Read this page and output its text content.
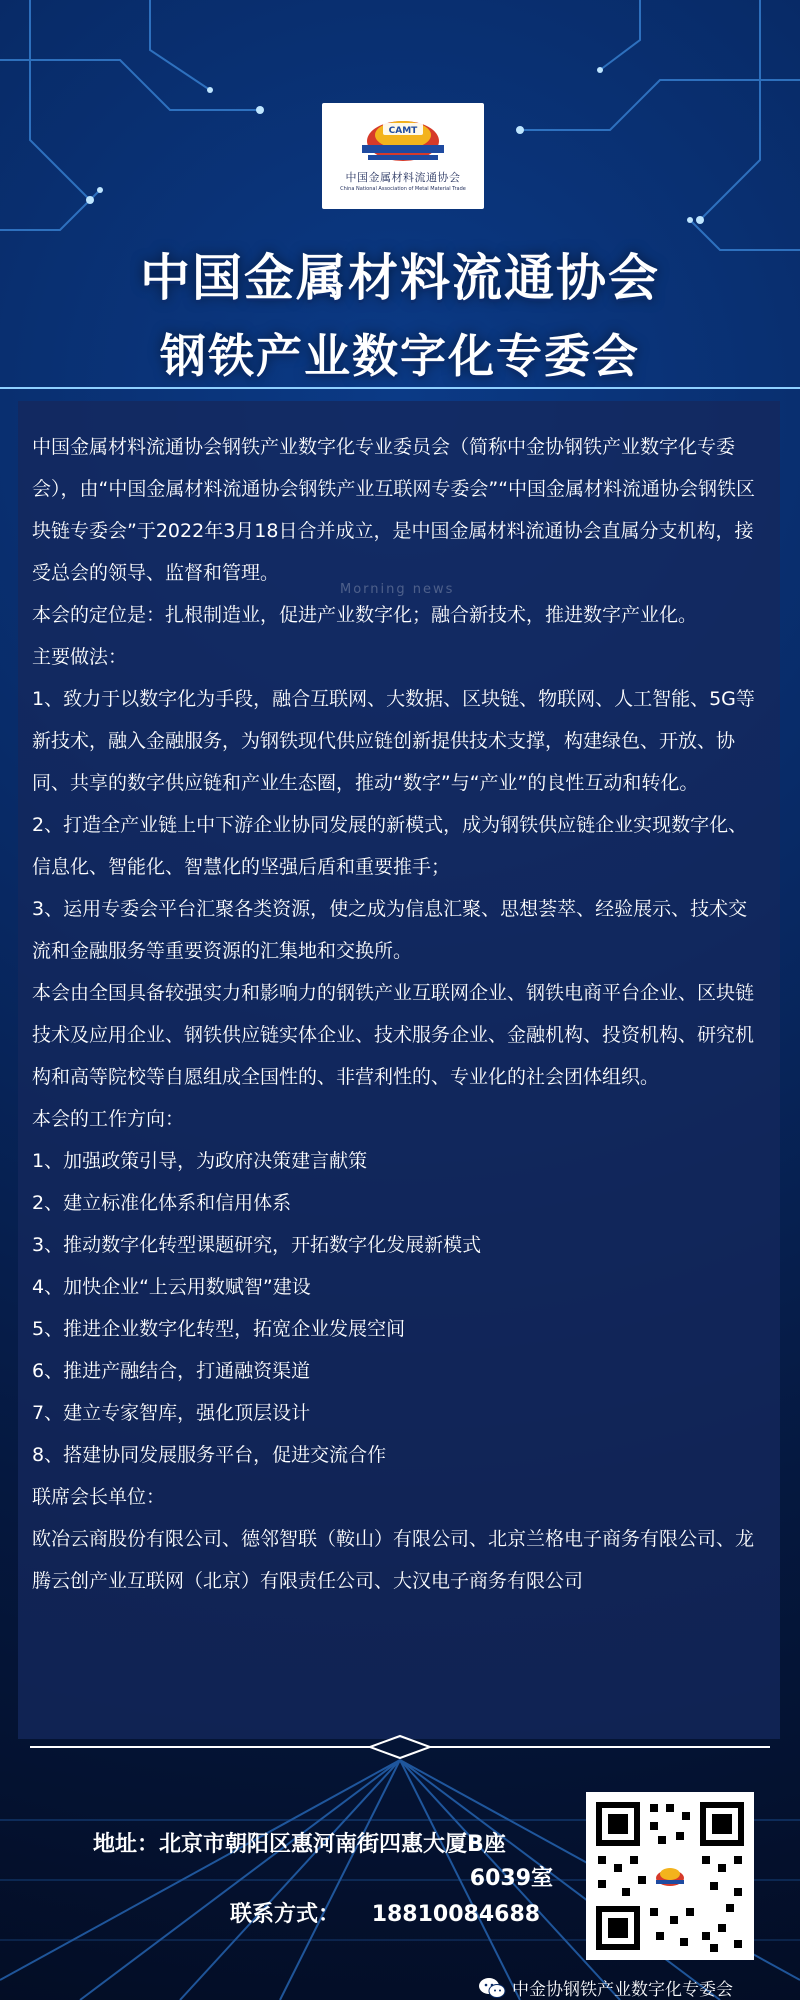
CAMT
中国金属材料流通协会
China National Association of Metal Material Trade
中国金属材料流通协会
钢铁产业数字化专委会

中国金属材料流通协会钢铁产业数字化专业委员会（简称中金协钢铁产业数字化专委会），由“中国金属材料流通协会钢铁产业互联网专委会”“中国金属材料流通协会钢铁区块链专委会”于2022年3月18日合并成立，是中国金属材料流通协会直属分支机构，接受总会的领导、监督和管理。

本会的定位是：扎根制造业，促进产业数字化；融合新技术，推进数字产业化。

主要做法：

1、致力于以数字化为手段，融合互联网、大数据、区块链、物联网、人工智能、5G等新技术，融入金融服务，为钢铁现代供应链创新提供技术支撑，构建绿色、开放、协同、共享的数字供应链和产业生态圈，推动“数字”与“产业”的良性互动和转化。

2、打造全产业链上中下游企业协同发展的新模式，成为钢铁供应链企业实现数字化、信息化、智能化、智慧化的坚强后盾和重要推手；

3、运用专委会平台汇聚各类资源，使之成为信息汇聚、思想荟萃、经验展示、技术交流和金融服务等重要资源的汇集地和交换所。

本会由全国具备较强实力和影响力的钢铁产业互联网企业、钢铁电商平台企业、区块链技术及应用企业、钢铁供应链实体企业、技术服务企业、金融机构、投资机构、研究机构和高等院校等自愿组成全国性的、非营利性的、专业化的社会团体组织。

本会的工作方向：

1、加强政策引导，为政府决策建言献策

2、建立标准化体系和信用体系

3、推动数字化转型课题研究，开拓数字化发展新模式

4、加快企业“上云用数赋智”建设

5、推进企业数字化转型，拓宽企业发展空间

6、推进产融结合，打通融资渠道

7、建立专家智库，强化顶层设计

8、搭建协同发展服务平台，促进交流合作

联席会长单位：

欧冶云商股份有限公司、德邻智联（鞍山）有限公司、北京兰格电子商务有限公司、龙腾云创产业互联网（北京）有限责任公司、大汉电子商务有限公司

Morning news
地址：北京市朝阳区惠河南街四惠大厦B座
6039室
联系方式： 18810084688
中金协钢铁产业数字化专委会
